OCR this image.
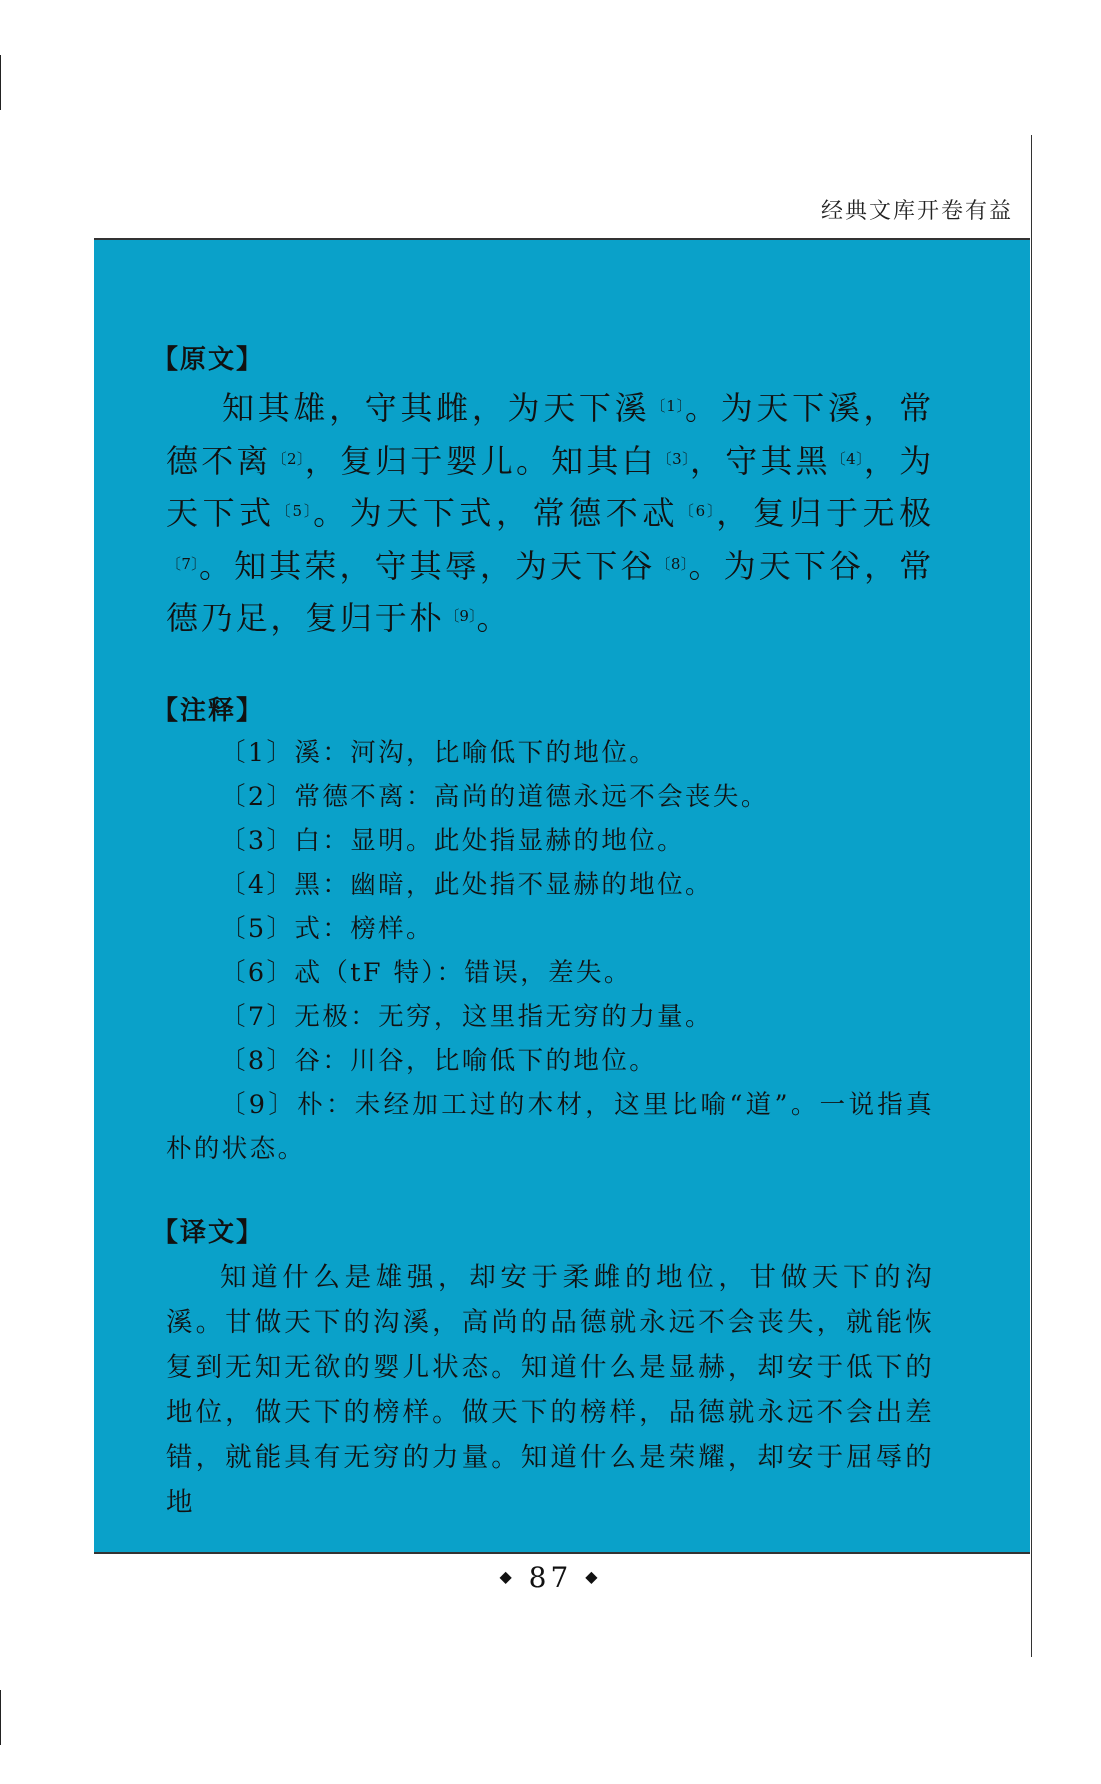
经典文库开卷有益
【原文】

知其雄，守其雌，为天下溪$^{〔1〕}$。为天下溪，常德不离$^{〔2〕}$，复归于婴儿。知其白$^{〔3〕}$，守其黑$^{〔4〕}$，为天下式$^{〔5〕}$。为天下式，常德不忒$^{〔6〕}$，复归于无极$^{〔7〕}$。知其荣，守其辱，为天下谷$^{〔8〕}$。为天下谷，常德乃足，复归于朴$^{〔9〕}$。

【注释】
〔1〕溪：河沟，比喻低下的地位。
〔2〕常德不离：高尚的道德永远不会丧失。
〔3〕白：显明。此处指显赫的地位。
〔4〕黑：幽暗，此处指不显赫的地位。
〔5〕式：榜样。
〔6〕忒（tF 特）：错误，差失。
〔7〕无极：无穷，这里指无穷的力量。
〔8〕谷：川谷，比喻低下的地位。
〔9〕朴：未经加工过的木材，这里比喻“道”。一说指真朴的状态。
【译文】

知道什么是雄强，却安于柔雌的地位，甘做天下的沟溪。甘做天下的沟溪，高尚的品德就永远不会丧失，就能恢复到无知无欲的婴儿状态。知道什么是显赫，却安于低下的地位，做天下的榜样。做天下的榜样，品德就永远不会出差错，就能具有无穷的力量。知道什么是荣耀，却安于屈辱的地

◆ 87 ◆
